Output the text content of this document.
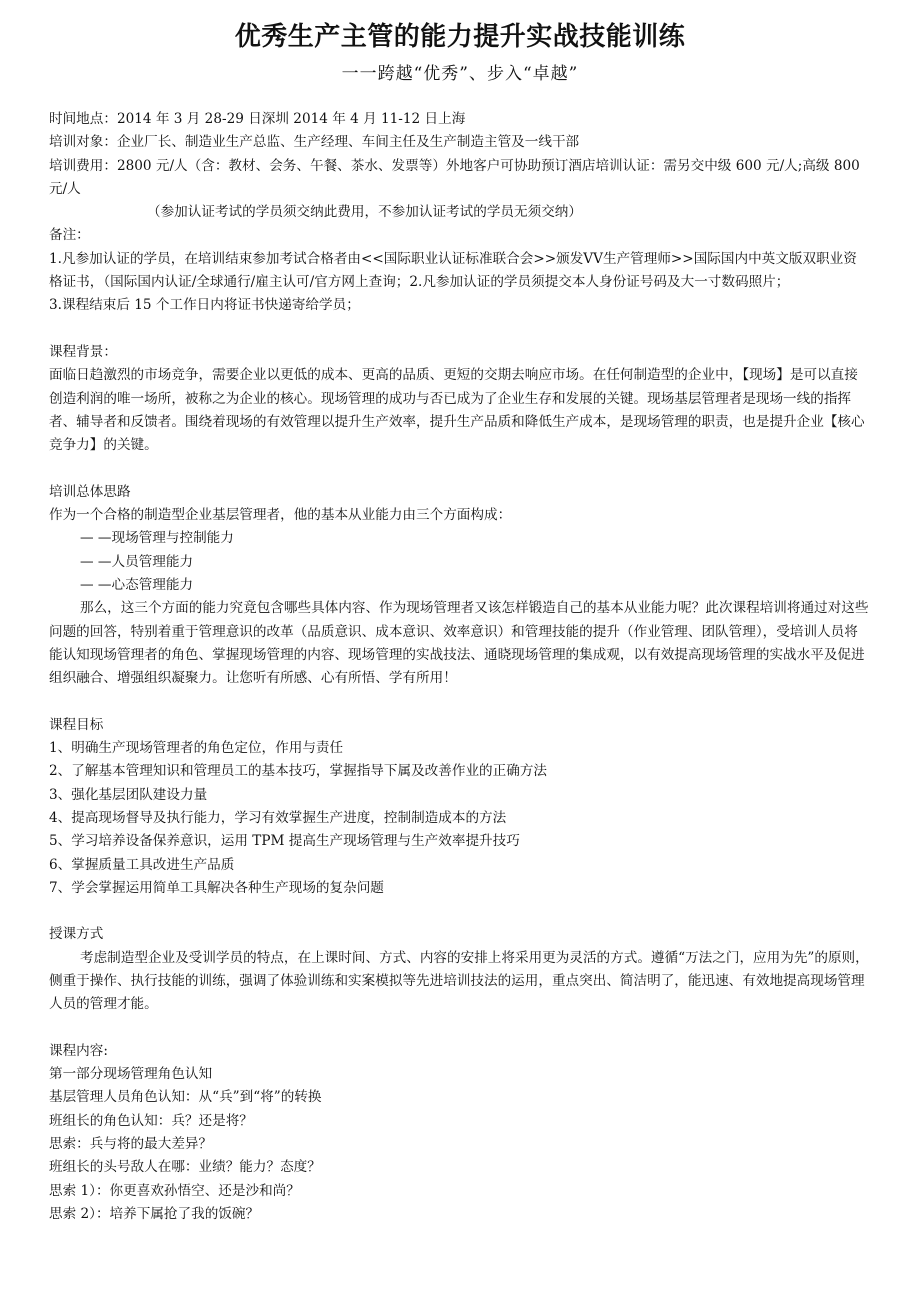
优秀生产主管的能力提升实战技能训练
一一跨越“优秀”、步入“卓越”

时间地点：2014 年 3 月 28-29 日深圳 2014 年 4 月 11-12 日上海

培训对象：企业厂长、制造业生产总监、生产经理、车间主任及生产制造主管及一线干部

培训费用：2800 元/人（含：教材、会务、午餐、茶水、发票等）外地客户可协助预订酒店培训认证：需另交中级 600 元/人;高级 800 元/人

（参加认证考试的学员须交纳此费用，不参加认证考试的学员无须交纳）

备注：

1.凡参加认证的学员，在培训结束参加考试合格者由<<国际职业认证标准联合会>>颁发VV生产管理师>>国际国内中英文版双职业资格证书，（国际国内认证/全球通行/雇主认可/官方网上查询；2.凡参加认证的学员须提交本人身份证号码及大一寸数码照片；

3.课程结束后 15 个工作日内将证书快递寄给学员；

课程背景：

面临日趋激烈的市场竞争，需要企业以更低的成本、更高的品质、更短的交期去响应市场。在任何制造型的企业中，【现场】是可以直接创造利润的唯一场所，被称之为企业的核心。现场管理的成功与否已成为了企业生存和发展的关键。现场基层管理者是现场一线的指挥者、辅导者和反馈者。围绕着现场的有效管理以提升生产效率，提升生产品质和降低生产成本，是现场管理的职责，也是提升企业【核心竞争力】的关键。

培训总体思路

作为一个合格的制造型企业基层管理者，他的基本从业能力由三个方面构成：

— —现场管理与控制能力

— —人员管理能力

— —心态管理能力

那么，这三个方面的能力究竟包含哪些具体内容、作为现场管理者又该怎样锻造自己的基本从业能力呢？此次课程培训将通过对这些问题的回答，特别着重于管理意识的改革（品质意识、成本意识、效率意识）和管理技能的提升（作业管理、团队管理），受培训人员将能认知现场管理者的角色、掌握现场管理的内容、现场管理的实战技法、通晓现场管理的集成观，以有效提高现场管理的实战水平及促进组织融合、增强组织凝聚力。让您听有所感、心有所悟、学有所用！

课程目标

1、明确生产现场管理者的角色定位，作用与责任

2、了解基本管理知识和管理员工的基本技巧，掌握指导下属及改善作业的正确方法

3、强化基层团队建设力量

4、提高现场督导及执行能力，学习有效掌握生产进度，控制制造成本的方法

5、学习培养设备保养意识，运用 TPM 提高生产现场管理与生产效率提升技巧

6、掌握质量工具改进生产品质

7、学会掌握运用简单工具解决各种生产现场的复杂问题

授课方式

考虑制造型企业及受训学员的特点，在上课时间、方式、内容的安排上将采用更为灵活的方式。遵循“万法之门，应用为先”的原则，侧重于操作、执行技能的训练，强调了体验训练和实案模拟等先进培训技法的运用，重点突出、简洁明了，能迅速、有效地提高现场管理人员的管理才能。

课程内容:

第一部分现场管理角色认知

基层管理人员角色认知：从“兵”到“将”的转换

班组长的角色认知：兵？还是将？

思索：兵与将的最大差异？

班组长的头号敌人在哪：业绩？能力？态度？

思索 1）：你更喜欢孙悟空、还是沙和尚？

思索 2）：培养下属抢了我的饭碗？
